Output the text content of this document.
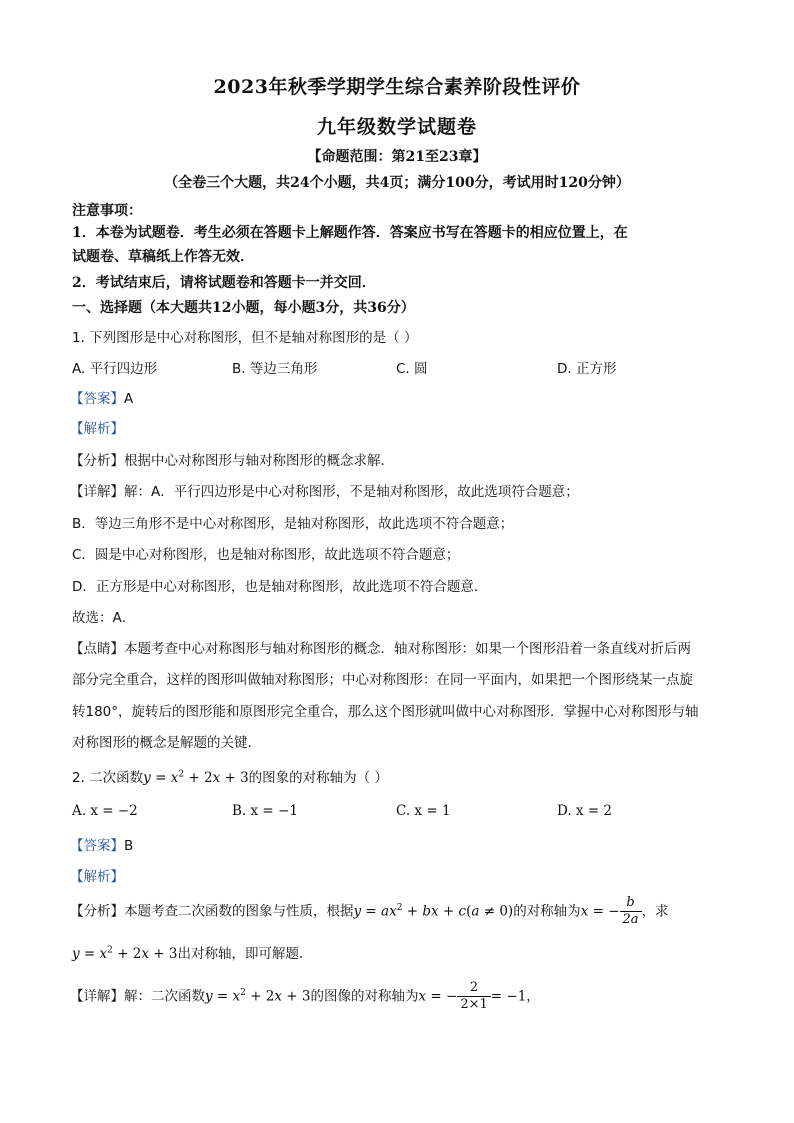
2023年秋季学期学生综合素养阶段性评价
九年级数学试题卷
【命题范围：第21至23章】
（全卷三个大题，共24个小题，共4页；满分100分，考试用时120分钟）
注意事项：
1．本卷为试题卷．考生必须在答题卡上解题作答．答案应书写在答题卡的相应位置上，在
试题卷、草稿纸上作答无效．
2．考试结束后，请将试题卷和答题卡一并交回．
一、选择题（本大题共12小题，每小题3分，共36分）
1. 下列图形是中心对称图形，但不是轴对称图形的是（ ）
A. 平行四边形	B. 等边三角形	C. 圆	D. 正方形
【答案】A
【解析】
【分析】根据中心对称图形与轴对称图形的概念求解．
【详解】解：A．平行四边形是中心对称图形，不是轴对称图形，故此选项符合题意；
B．等边三角形不是中心对称图形，是轴对称图形，故此选项不符合题意；
C．圆是中心对称图形，也是轴对称图形，故此选项不符合题意；
D．正方形是中心对称图形，也是轴对称图形，故此选项不符合题意．
故选：A．
【点睛】本题考查中心对称图形与轴对称图形的概念．轴对称图形：如果一个图形沿着一条直线对折后两
部分完全重合，这样的图形叫做轴对称图形；中心对称图形：在同一平面内，如果把一个图形绕某一点旋
转180°，旋转后的图形能和原图形完全重合，那么这个图形就叫做中心对称图形．掌握中心对称图形与轴
对称图形的概念是解题的关键．
2. 二次函数$y = x^2 + 2x + 3$的图象的对称轴为（ ）
A. x = −2	B. x = −1	C. x = 1	D. x = 2
【答案】B
【解析】
【分析】本题考查二次函数的图象与性质，根据$y = ax^2$ + bx + c(a ≠ 0)的对称轴为x = − $\frac{b}{2a}$ ，求
$y = x^2 + 2x + 3$出对称轴，即可解题．
【详解】解：二次函数$y = x^2 + 2x + 3$的图像的对称轴为x = − $\frac{2}{2\times 1} = -1$，
